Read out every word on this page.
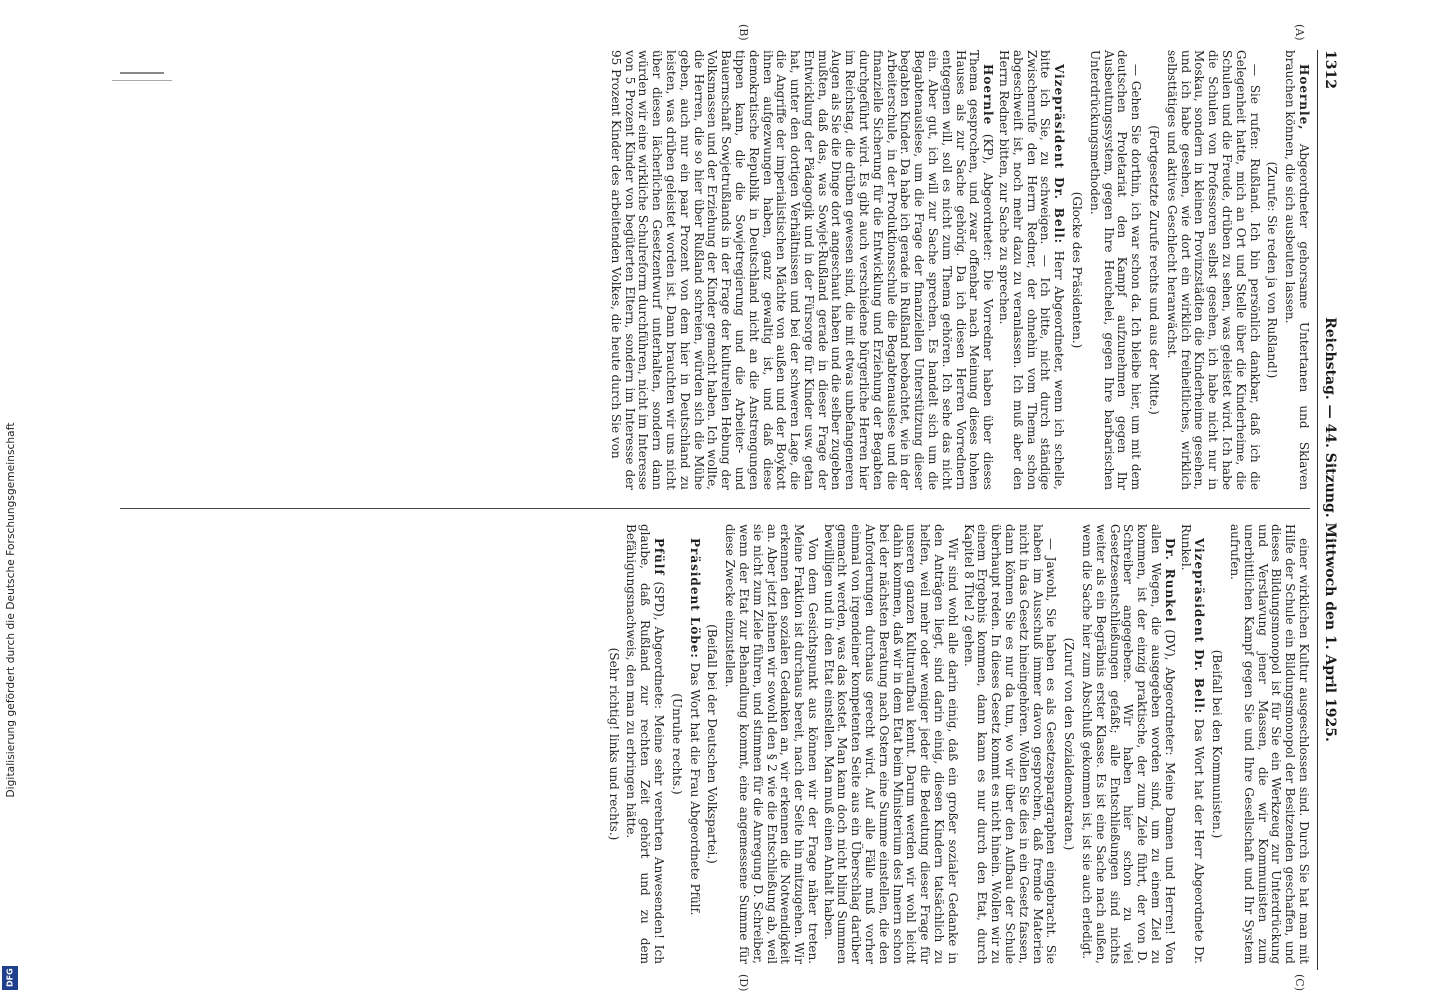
Digitalisierung gefördert durch die Deutsche Forschungsgemeinschaft
DFG
1312
Reichstag. — 44. Sitzung. Mittwoch den 1. April 1925.
(A)
(B)
(C)
(D)

Hoernle, Abgeordneter gehorsame Untertanen und Sklaven brauchen können, die sich ausbeuten lassen.

(Zurufe: Sie reden ja von Rußland!)

— Sie rufen: Rußland. Ich bin persönlich dankbar, daß ich die Gelegenheit hatte, mich an Ort und Stelle über die Kinderheime, die Schulen und die Freude, drüben zu sehen, was geleistet wird. Ich habe die Schulen von Professoren selbst gesehen, ich habe nicht nur in Moskau, sondern in kleinen Provinzstädten die Kinderheime gesehen, und ich habe gesehen, wie dort ein wirklich freiheitliches, wirklich selbsttätiges und aktives Geschlecht heranwächst.

(Fortgesetzte Zurufe rechts und aus der Mitte.)

— Gehen Sie dorthin, ich war schon da. Ich bleibe hier, um mit dem deutschen Proletariat den Kampf aufzunehmen gegen Ihr Ausbeutungssystem, gegen Ihre Heuchelei, gegen Ihre barbarischen Unterdrückungsmethoden.

(Glocke des Präsidenten.)

Vizepräsident Dr. Bell: Herr Abgeordneter, wenn ich schelle, bitte ich Sie, zu schweigen. — Ich bitte, nicht durch ständige Zwischenrufe den Herrn Redner, der ohnehin vom Thema schon abgeschweift ist, noch mehr dazu zu veranlassen. Ich muß aber den Herrn Redner bitten, zur Sache zu sprechen.

Hoernle (KP), Abgeordneter: Die Vorredner haben über dieses Thema gesprochen, und zwar offenbar nach Meinung dieses hohen Hauses als zur Sache gehörig. Da ich diesen Herren Vorrednern entgegnen will, soll es nicht zum Thema gehören. Ich sehe das nicht ein. Aber gut, ich will zur Sache sprechen. Es handelt sich um die Begabtenauslese, um die Frage der finanziellen Unterstützung dieser begabten Kinder. Da habe ich gerade in Rußland beobachtet, wie in der Arbeiterschule, in der Produktionsschule die Begabtenauslese und die finanzielle Sicherung für die Entwicklung und Erziehung der Begabten durchgeführt wird. Es gibt auch verschiedene bürgerliche Herren hier im Reichstag, die drüben gewesen sind, die mit etwas unbefangeneren Augen als Sie die Dinge dort angeschaut haben und die selber zugeben mußten, daß das, was Sowjet-Rußland gerade in dieser Frage der Entwicklung der Pädagogik und in der Fürsorge für Kinder usw. getan hat, unter den dortigen Verhältnissen und bei der schweren Lage, die die Angriffe der imperialistischen Mächte von außen und der Boykott ihnen aufgezwungen haben, ganz gewaltig ist, und daß diese demokratische Republik in Deutschland nicht an die Anstrengungen tippen kann, die die Sowjetregierung und die Arbeiter- und Bauernschaft Sowjetrußlands in der Frage der kulturellen Hebung der Volksmassen und der Erziehung der Kinder gemacht haben. Ich wollte, die Herren, die so hier über Rußland schreien, würden sich die Mühe geben, auch nur ein paar Prozent von dem hier in Deutschland zu leisten, was drüben geleistet worden ist. Dann brauchten wir uns nicht über diesen lächerlichen Gesetzentwurf unterhalten, sondern dann würden wir eine wirkliche Schulreform durchführen, nicht im Interesse von 5 Prozent Kinder von begüterten Eltern, sondern im Interesse der 95 Prozent Kinder des arbeitenden Volkes, die heute durch Sie von

einer wirklichen Kultur ausgeschlossen sind. Durch Sie hat man mit Hilfe der Schule ein Bildungsmonopol der Besitzenden geschaffen, und dieses Bildungsmonopol ist für Sie ein Werkzeug zur Unterdrückung und Verstlavung jener Massen, die wir Kommunisten zum unerbittlichen Kampf gegen Sie und Ihre Gesellschaft und Ihr System aufrufen.

(Beifall bei den Kommunisten.)

Vizepräsident Dr. Bell: Das Wort hat der Herr Abgeordnete Dr. Runkel.

Dr. Runkel (DV), Abgeordneter: Meine Damen und Herren! Von allen Wegen, die ausgegeben worden sind, um zu einem Ziel zu kommen, ist der einzig praktische, der zum Ziele führt, der von D. Schreiber angegebene. Wir haben hier schon zu viel Gesetzesentschließungen gefaßt; alle Entschließungen sind nichts weiter als ein Begräbnis erster Klasse. Es ist eine Sache nach außen, wenn die Sache hier zum Abschluß gekommen ist, ist sie auch erledigt.

(Zuruf von den Sozialdemokraten.)

— Jawohl, Sie haben es als Gesetzesparagraphen eingebracht. Sie haben im Ausschuß immer davon gesprochen, daß fremde Materien nicht in das Gesetz hineingehören. Wollen Sie dies in ein Gesetz fassen, dann können Sie es nur da tun, wo wir über den Aufbau der Schule überhaupt reden. In dieses Gesetz kommt es nicht hinein. Wollen wir zu einem Ergebnis kommen, dann kann es nur durch den Etat, durch Kapitel 8 Titel 2 gehen.

Wir sind wohl alle darin einig, daß ein großer sozialer Gedanke in den Anträgen liegt, sind darin einig, diesen Kindern tatsächlich zu helfen, weil mehr oder weniger jeder die Bedeutung dieser Frage für unseren ganzen Kulturaufbau kennt. Darum werden wir wohl leicht dahin kommen, daß wir in dem Etat beim Ministerium des Innern schon bei der nächsten Beratung nach Ostern eine Summe einstellen, die den Anforderungen durchaus gerecht wird. Auf alle Fälle muß vorher einmal von irgendeiner kompetenten Seite aus ein Überschlag darüber gemacht werden, was das kostet. Man kann doch nicht blind Summen bewilligen und in den Etat einstellen. Man muß einen Anhalt haben.

Von dem Gesichtspunkt aus können wir der Frage näher treten. Meine Fraktion ist durchaus bereit, nach der Seite hin mitzugehen. Wir erkennen den sozialen Gedanken an, wir erkennen die Notwendigkeit an. Aber jetzt lehnen wir sowohl den § 2 wie die Entschließung ab, weil sie nicht zum Ziele führen, und stimmen für die Anregung D. Schreiber, wenn der Etat zur Behandlung kommt, eine angemessene Summe für diese Zwecke einzustellen.

(Beifall bei der Deutschen Volkspartei.)

Präsident Löbe: Das Wort hat die Frau Abgeordnete Pfülf.

(Unruhe rechts.)

Pfülf (SPD), Abgeordnete: Meine sehr verehrten Anwesenden! Ich glaube, daß Rußland zur rechten Zeit gehört und zu dem Befähigungsnachweis, den man zu erbringen hätte.

(Sehr richtig! links und rechts.)
